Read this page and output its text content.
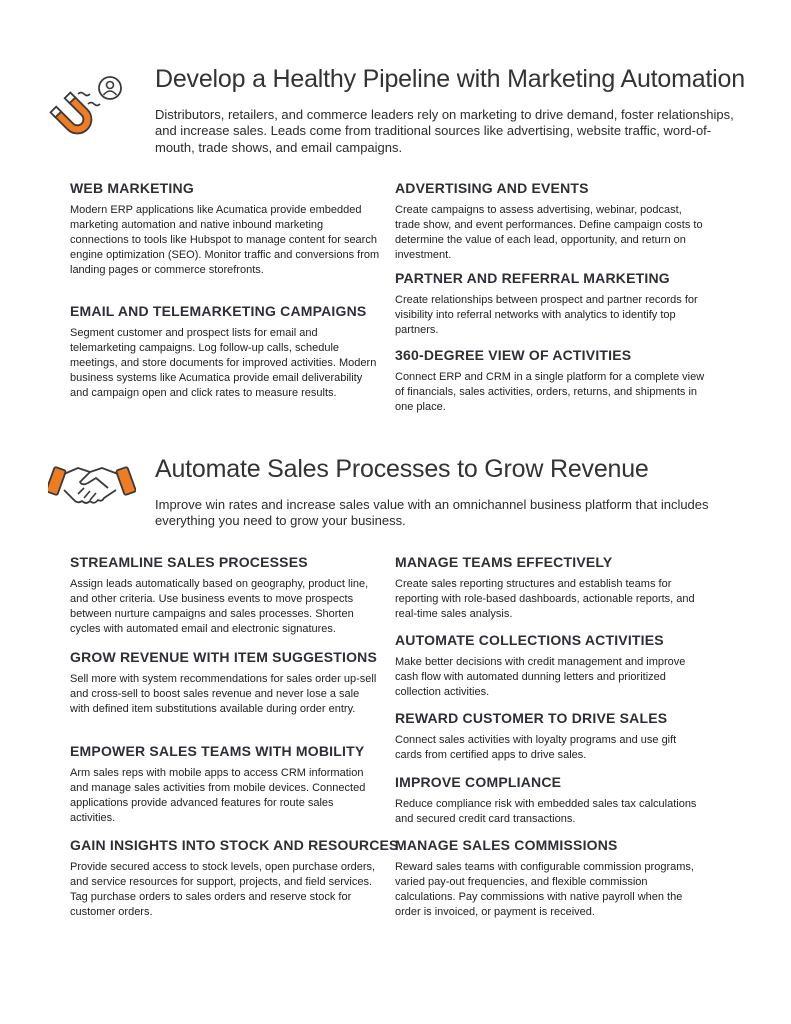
Develop a Healthy Pipeline with Marketing Automation

Distributors, retailers, and commerce leaders rely on marketing to drive demand, foster relationships, and increase sales. Leads come from traditional sources like advertising, website traffic, word-of-mouth, trade shows, and email campaigns.

WEB MARKETING

Modern ERP applications like Acumatica provide embedded marketing automation and native inbound marketing connections to tools like Hubspot to manage content for search engine optimization (SEO). Monitor traffic and conversions from landing pages or commerce storefronts.

EMAIL AND TELEMARKETING CAMPAIGNS

Segment customer and prospect lists for email and telemarketing campaigns. Log follow-up calls, schedule meetings, and store documents for improved activities. Modern business systems like Acumatica provide email deliverability and campaign open and click rates to measure results.

ADVERTISING AND EVENTS

Create campaigns to assess advertising, webinar, podcast, trade show, and event performances. Define campaign costs to determine the value of each lead, opportunity, and return on investment.

PARTNER AND REFERRAL MARKETING

Create relationships between prospect and partner records for visibility into referral networks with analytics to identify top partners.

360-DEGREE VIEW OF ACTIVITIES

Connect ERP and CRM in a single platform for a complete view of financials, sales activities, orders, returns, and shipments in one place.

Automate Sales Processes to Grow Revenue

Improve win rates and increase sales value with an omnichannel business platform that includes everything you need to grow your business.

STREAMLINE SALES PROCESSES

Assign leads automatically based on geography, product line, and other criteria. Use business events to move prospects between nurture campaigns and sales processes. Shorten cycles with automated email and electronic signatures.

GROW REVENUE WITH ITEM SUGGESTIONS

Sell more with system recommendations for sales order up-sell and cross-sell to boost sales revenue and never lose a sale with defined item substitutions available during order entry.

EMPOWER SALES TEAMS WITH MOBILITY

Arm sales reps with mobile apps to access CRM information and manage sales activities from mobile devices. Connected applications provide advanced features for route sales activities.

GAIN INSIGHTS INTO STOCK AND RESOURCES

Provide secured access to stock levels, open purchase orders, and service resources for support, projects, and field services. Tag purchase orders to sales orders and reserve stock for customer orders.

MANAGE TEAMS EFFECTIVELY

Create sales reporting structures and establish teams for reporting with role-based dashboards, actionable reports, and real-time sales analysis.

AUTOMATE COLLECTIONS ACTIVITIES

Make better decisions with credit management and improve cash flow with automated dunning letters and prioritized collection activities.

REWARD CUSTOMER TO DRIVE SALES

Connect sales activities with loyalty programs and use gift cards from certified apps to drive sales.

IMPROVE COMPLIANCE

Reduce compliance risk with embedded sales tax calculations and secured credit card transactions.

MANAGE SALES COMMISSIONS

Reward sales teams with configurable commission programs, varied pay-out frequencies, and flexible commission calculations. Pay commissions with native payroll when the order is invoiced, or payment is received.
